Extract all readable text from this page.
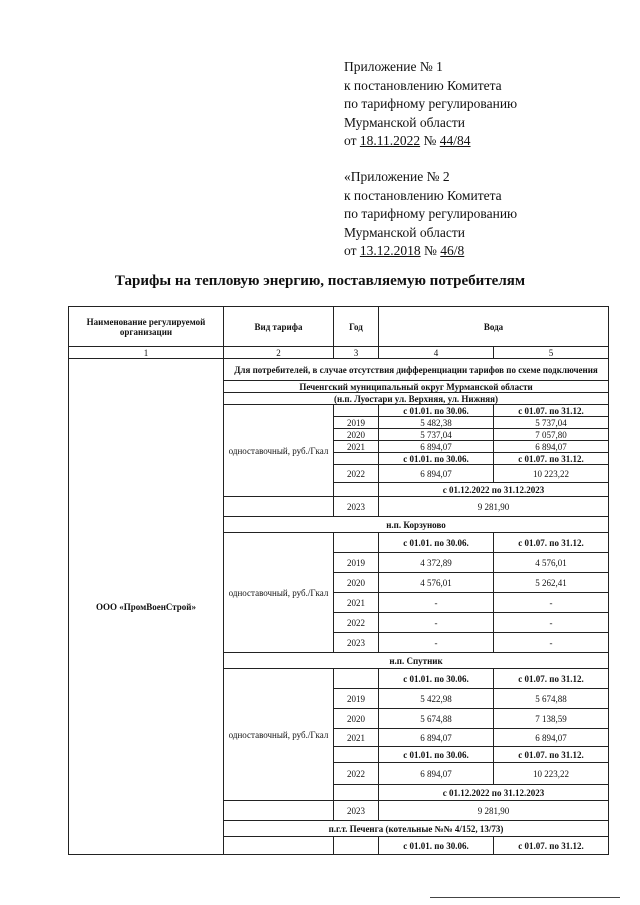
Приложение № 1
к постановлению Комитета
по тарифному регулированию
Мурманской области
от 18.11.2022 № 44/84
«Приложение № 2
к постановлению Комитета
по тарифному регулированию
Мурманской области
от 13.12.2018 № 46/8
Тарифы на тепловую энергию, поставляемую потребителям
Наименование регулируемой организации	Вид тарифа	Год	Вода	
1	2	3	4	5
ООО «ПромВоенСтрой»	Для потребителей, в случае отсутствия дифференциации тарифов по схеме подключения			
	Печенгский муниципальный округ Мурманской области			
	(н.п. Луостари ул. Верхняя, ул. Нижняя)			
	одноставочный, руб./Гкал		с 01.01. по 30.06.	с 01.07. по 31.12.
		2019	5 482,38	5 737,04
		2020	5 737,04	7 057,80
		2021	6 894,07	6 894,07
			с 01.01. по 30.06.	с 01.07. по 31.12.
		2022	6 894,07	10 223,22
			с 01.12.2022 по 31.12.2023	
		2023	9 281,90	
	н.п. Корзуново			
	одноставочный, руб./Гкал		с 01.01. по 30.06.	с 01.07. по 31.12.
		2019	4 372,89	4 576,01
		2020	4 576,01	5 262,41
		2021	-	-
		2022	-	-
		2023	-	-
	н.п. Спутник			
	одноставочный, руб./Гкал		с 01.01. по 30.06.	с 01.07. по 31.12.
		2019	5 422,98	5 674,88
		2020	5 674,88	7 138,59
		2021	6 894,07	6 894,07
			с 01.01. по 30.06.	с 01.07. по 31.12.
		2022	6 894,07	10 223,22
			с 01.12.2022 по 31.12.2023	
		2023	9 281,90	
	п.г.т. Печенга (котельные №№ 4/152, 13/73)			
			с 01.01. по 30.06.	с 01.07. по 31.12.
